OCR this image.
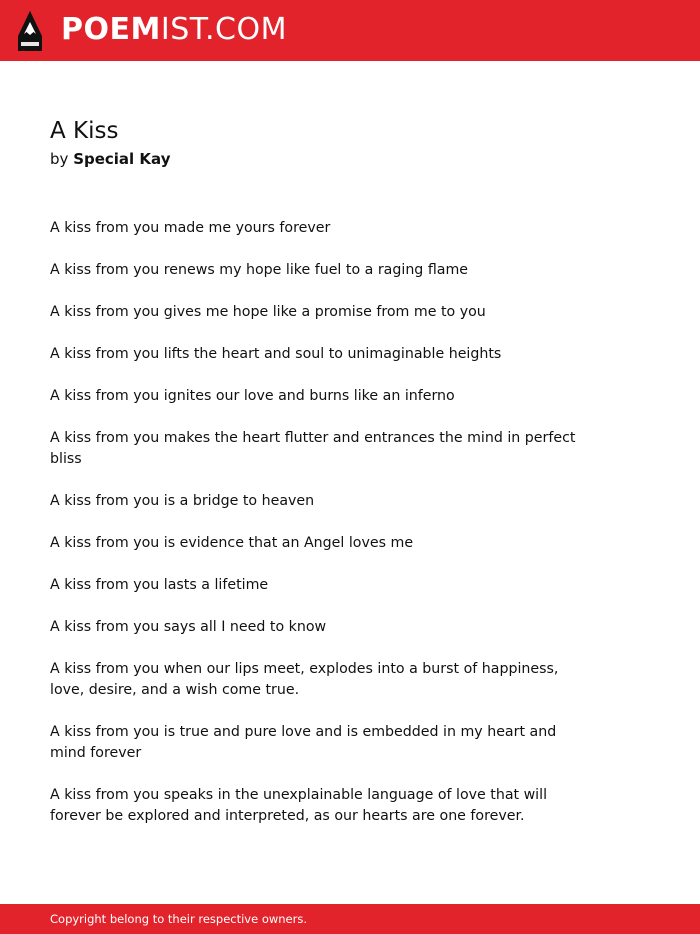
POEMIST.COM
A Kiss
by Special Kay
A kiss from you made me yours forever
A kiss from you renews my hope like fuel to a raging flame
A kiss from you gives me hope like a promise from me to you
A kiss from you lifts the heart and soul to unimaginable heights
A kiss from you ignites our love and burns like an inferno
A kiss from you makes the heart flutter and entrances the mind in perfect bliss
A kiss from you is a bridge to heaven
A kiss from you is evidence that an Angel loves me
A kiss from you lasts a lifetime
A kiss from you says all I need to know
A kiss from you when our lips meet, explodes into a burst of happiness, love, desire, and a wish come true.
A kiss from you is true and pure love and is embedded in my heart and mind forever
A kiss from you speaks in the unexplainable language of love that will forever be explored and interpreted, as our hearts are one forever.
Copyright belong to their respective owners.
